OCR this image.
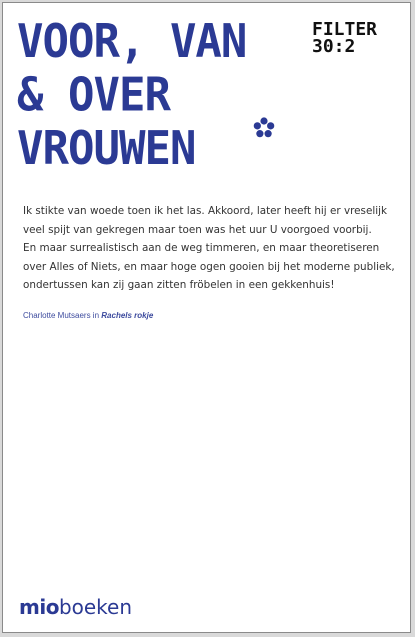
VOOR, VAN
& OVER
VROUWEN
FILTER
30:2

Ik stikte van woede toen ik het las. Akkoord, later heeft hij er vreselijk
veel spijt van gekregen maar toen was het uur U voorgoed voorbij.
En maar surrealistisch aan de weg timmeren, en maar theoretiseren
over Alles of Niets, en maar hoge ogen gooien bij het moderne publiek,
ondertussen kan zij gaan zitten fröbelen in een gekkenhuis!

Charlotte Mutsaers in Rachels rokje
mioboeken
